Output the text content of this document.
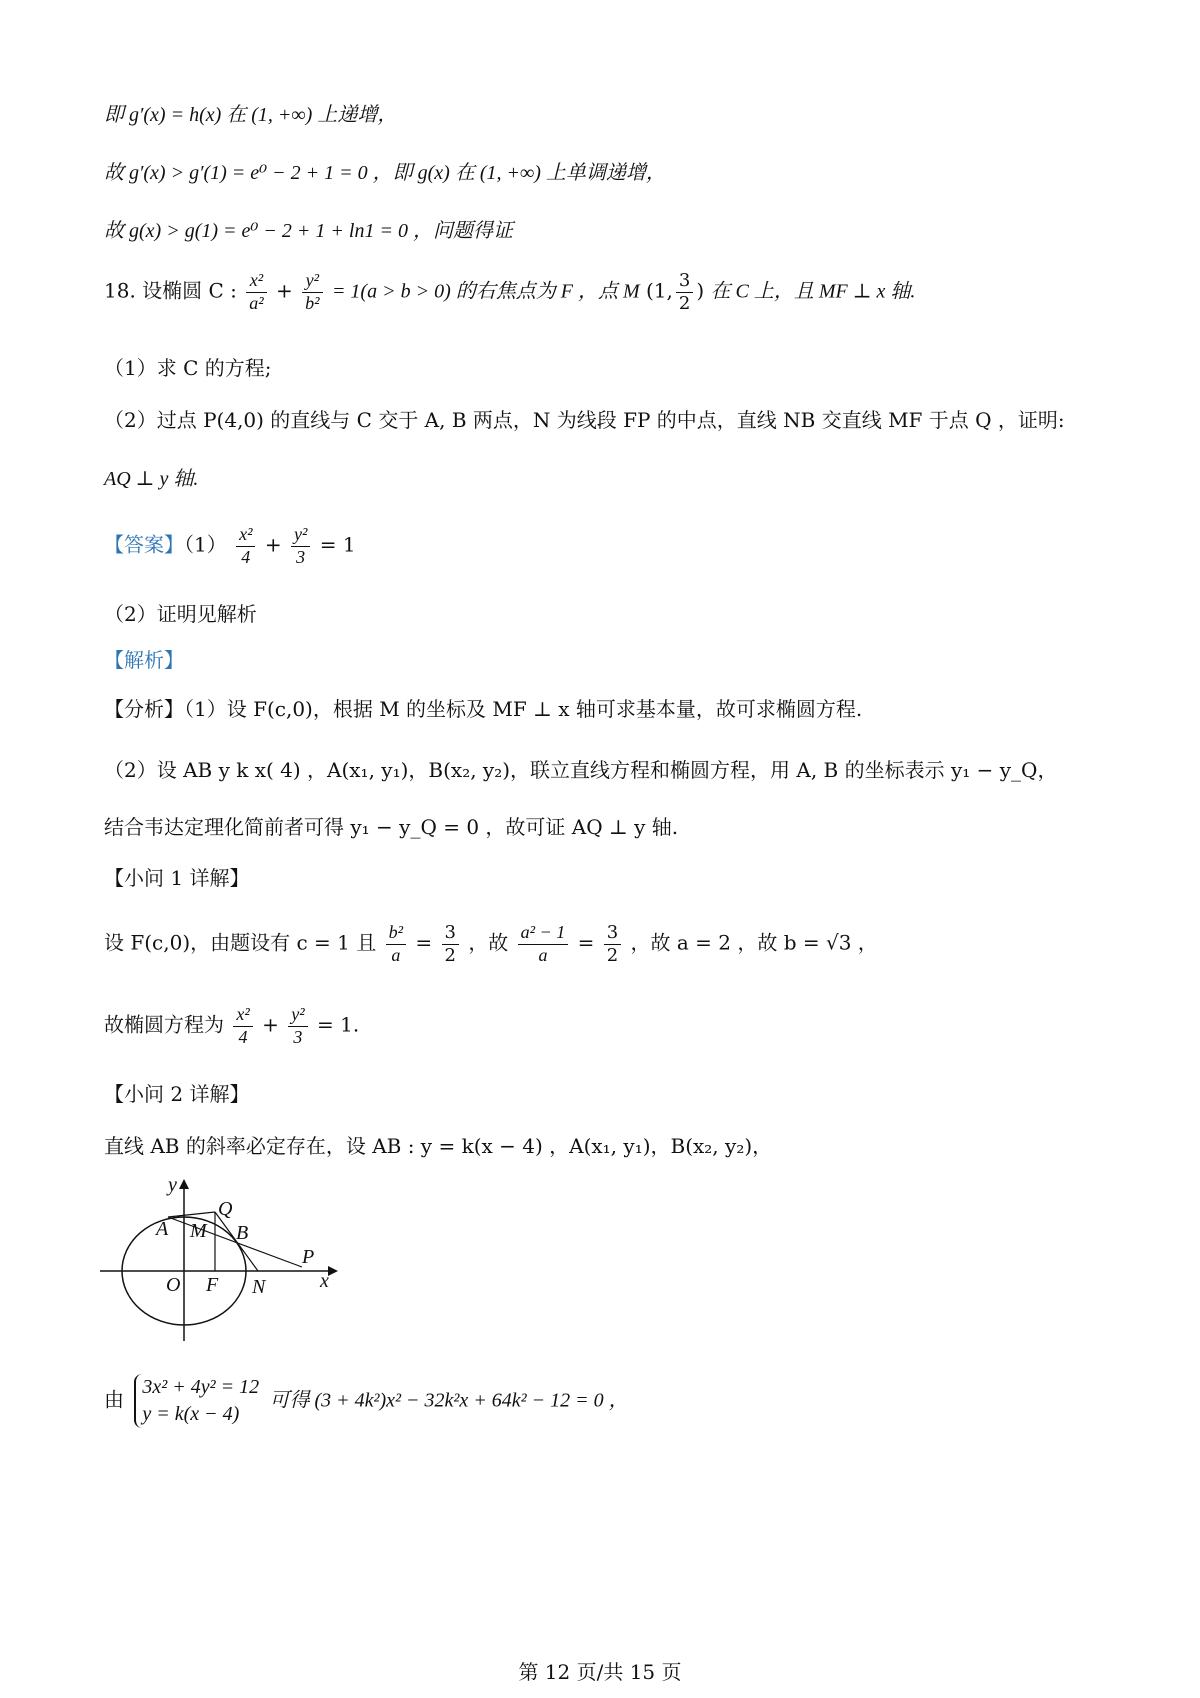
即 g′(x) = h(x) 在 (1, +∞) 上递增，
故 g′(x) > g′(1) = e⁰ − 2 + 1 = 0 ，即 g(x) 在 (1, +∞) 上单调递增，
故 g(x) > g(1) = e⁰ − 2 + 1 + ln1 = 0 ，问题得证
18. 设椭圆 C : $\frac{\text{x²}}{\text{a²}} + \frac{\text{y²}}{\text{b²}} = 1(a > b > 0)$ 的右焦点为 F ，点 M (1, $\frac{3}{2}$ ) 在 C 上，且 MF ⊥ x 轴.
（1）求 C 的方程;
（2）过点 P(4,0) 的直线与 C 交于 A, B 两点，N 为线段 FP 的中点，直线 NB 交直线 MF 于点 Q ，证明:
AQ ⊥ y 轴.
【答案】$(1) \frac{\text{x²}}{4} + \frac{\text{y²}}{3} = 1$
（2）证明见解析
【解析】
【分析】（1）设 F(c,0)，根据 M 的坐标及 MF ⊥ x 轴可求基本量，故可求椭圆方程.
（2）设 AB y k x( 4) ，A(x₁, y₁)，B(x₂, y₂)，联立直线方程和椭圆方程，用 A, B 的坐标表示 y₁ − y_Q，
结合韦达定理化简前者可得 y₁ − y_Q = 0 ，故可证 AQ ⊥ y 轴.
【小问 1 详解】
设 F(c,0)，由题设有 c = 1 且 $\frac{\text{b²}}{a} = \frac{3}{2}$ ，故 $\frac{\text{a² − 1}}{a} = \frac{3}{2}$ ，故 a = 2 ，故 b = √3 ，
故椭圆方程为 $\frac{\text{x²}}{4} + \frac{\text{y²}}{3} = 1$.
【小问 2 详解】
直线 AB 的斜率必定存在，设 AB : y = k(x − 4) ，A(x₁, y₁)，B(x₂, y₂)，
y
x
O F N
A M B
Q
P
由
3x² + 4y² = 12
y = k(x − 4)
可得 (3 + 4k²)x² − 32k²x + 64k² − 12 = 0 ，
第 12 页/共 15 页
